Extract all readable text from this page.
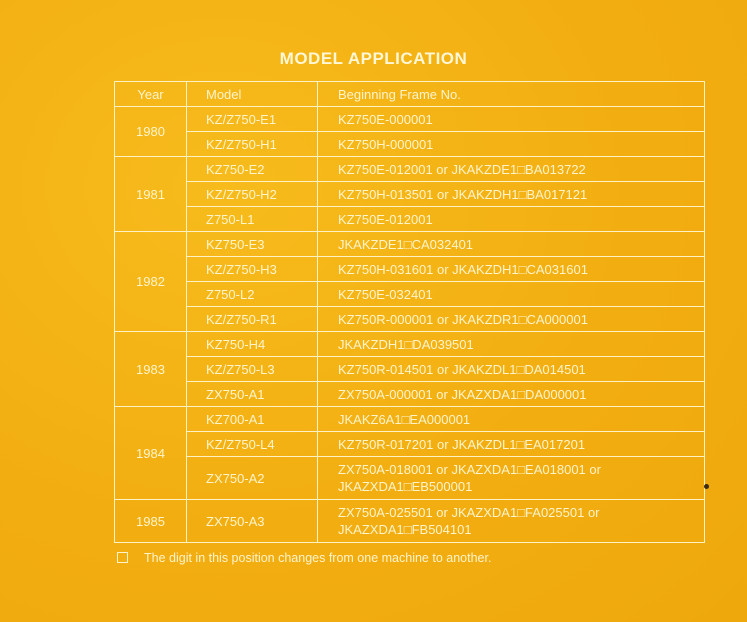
MODEL APPLICATION
Year	Model	Beginning Frame No.
1980	KZ/Z750-E1	KZ750E-000001

	KZ/Z750-H1	KZ750H-000001

1981	KZ750-E2	KZ750E-012001 or JKAKZDE1□BA013722

	KZ/Z750-H2	KZ750H-013501 or JKAKZDH1□BA017121

	Z750-L1	KZ750E-012001

1982	KZ750-E3	JKAKZDE1□CA032401

	KZ/Z750-H3	KZ750H-031601 or JKAKZDH1□CA031601

	Z750-L2	KZ750E-032401

	KZ/Z750-R1	KZ750R-000001 or JKAKZDR1□CA000001

1983	KZ750-H4	JKAKZDH1□DA039501

	KZ/Z750-L3	KZ750R-014501 or JKAKZDL1□DA014501

	ZX750-A1	ZX750A-000001 or JKAZXDA1□DA000001

1984	KZ700-A1	JKAKZ6A1□EA000001

	KZ/Z750-L4	KZ750R-017201 or JKAKZDL1□EA017201

	ZX750-A2	ZX750A-018001 or JKAZXDA1□EA018001 or
JKAZXDA1□EB500001

1985	ZX750-A3	ZX750A-025501 or JKAZXDA1□FA025501 or
JKAZXDA1□FB504101
The digit in this position changes from one machine to another.
